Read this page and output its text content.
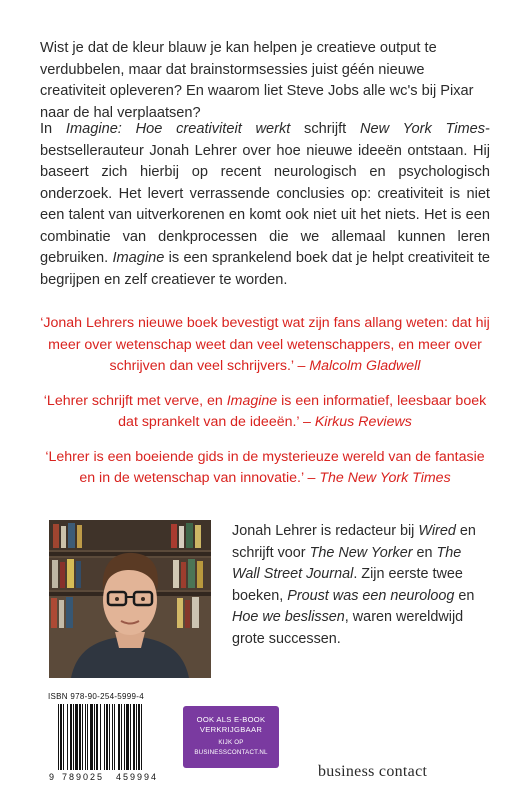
Wist je dat de kleur blauw je kan helpen je creatieve output te verdubbelen, maar dat brainstormsessies juist géén nieuwe creativiteit opleveren? En waarom liet Steve Jobs alle wc's bij Pixar naar de hal verplaatsen?

In Imagine: Hoe creativiteit werkt schrijft New York Times-bestsellerauteur Jonah Lehrer over hoe nieuwe ideeën ontstaan. Hij baseert zich hierbij op recent neurologisch en psychologisch onderzoek. Het levert verrassende conclusies op: creativiteit is niet een talent van uitverkorenen en komt ook niet uit het niets. Het is een combinatie van denkprocessen die we allemaal kunnen leren gebruiken. Imagine is een sprankelend boek dat je helpt creativiteit te begrijpen en zelf creatiever te worden.

‘Jonah Lehrers nieuwe boek bevestigt wat zijn fans allang weten: dat hij meer over wetenschap weet dan veel wetenschappers, en meer over schrijven dan veel schrijvers.’ – Malcolm Gladwell

‘Lehrer schrijft met verve, en Imagine is een informatief, leesbaar boek dat sprankelt van de ideeën.’ – Kirkus Reviews

‘Lehrer is een boeiende gids in de mysterieuze wereld van de fantasie en in de wetenschap van innovatie.’ – The New York Times

Jonah Lehrer is redacteur bij Wired en schrijft voor The New Yorker en The Wall Street Journal. Zijn eerste twee boeken, Proust was een neuroloog en Hoe we beslissen, waren wereldwijd grote successen.

ISBN 978-90-254-5999-4
9 789025 459994
OOK ALS E-BOOK
VERKRIJGBAAR
KIJK OP
BUSINESSCONTACT.NL
business contact
